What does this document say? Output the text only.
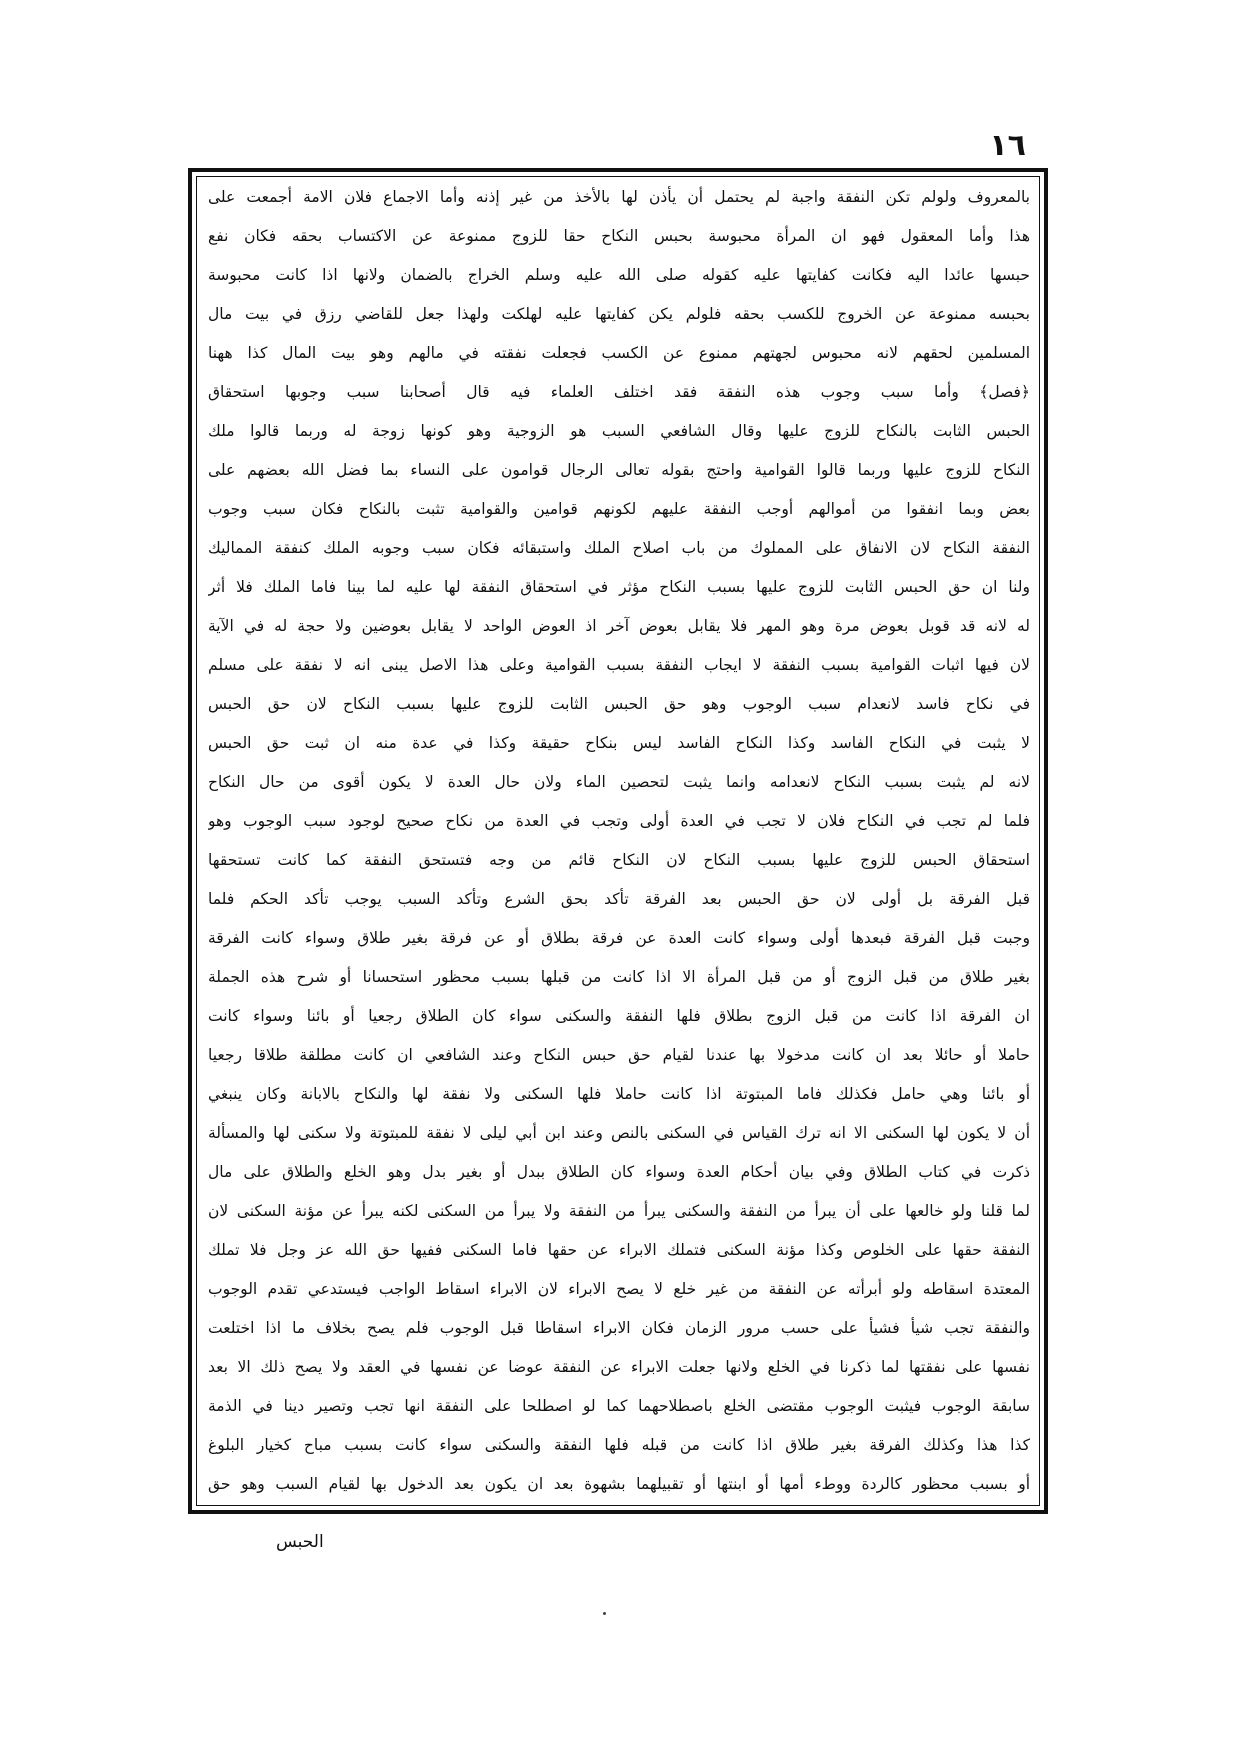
١٦
بالمعروف ولولم تكن النفقة واجبة لم يحتمل أن يأذن لها بالأخذ من غير إذنه وأما الاجماع فلان الامة أجمعت على
هذا وأما المعقول فهو ان المرأة محبوسة بحبس النكاح حقا للزوج ممنوعة عن الاكتساب بحقه فكان نفع
حبسها عائدا اليه فكانت كفايتها عليه كقوله صلى الله عليه وسلم الخراج بالضمان ولانها اذا كانت محبوسة
بحبسه ممنوعة عن الخروج للكسب بحقه فلولم يكن كفايتها عليه لهلكت ولهذا جعل للقاضي رزق في بيت مال
المسلمين لحقهم لانه محبوس لجهتهم ممنوع عن الكسب فجعلت نفقته في مالهم وهو بيت المال كذا ههنا
﴿فصل﴾ وأما سبب وجوب هذه النفقة فقد اختلف العلماء فيه قال أصحابنا سبب وجوبها استحقاق
الحبس الثابت بالنكاح للزوج عليها وقال الشافعي السبب هو الزوجية وهو كونها زوجة له وربما قالوا ملك
النكاح للزوج عليها وربما قالوا القوامية واحتج بقوله تعالى الرجال قوامون على النساء بما فضل الله بعضهم على
بعض وبما انفقوا من أموالهم أوجب النفقة عليهم لكونهم قوامين والقوامية تثبت بالنكاح فكان سبب وجوب
النفقة النكاح لان الانفاق على المملوك من باب اصلاح الملك واستبقائه فكان سبب وجوبه الملك كنفقة المماليك
ولنا ان حق الحبس الثابت للزوج عليها بسبب النكاح مؤثر في استحقاق النفقة لها عليه لما بينا فاما الملك فلا أثر
له لانه قد قوبل بعوض مرة وهو المهر فلا يقابل بعوض آخر اذ العوض الواحد لا يقابل بعوضين ولا حجة له في الآية
لان فيها اثبات القوامية بسبب النفقة لا ايجاب النفقة بسبب القوامية وعلى هذا الاصل يبنى انه لا نفقة على مسلم
في نكاح فاسد لانعدام سبب الوجوب وهو حق الحبس الثابت للزوج عليها بسبب النكاح لان حق الحبس
لا يثبت في النكاح الفاسد وكذا النكاح الفاسد ليس بنكاح حقيقة وكذا في عدة منه ان ثبت حق الحبس
لانه لم يثبت بسبب النكاح لانعدامه وانما يثبت لتحصين الماء ولان حال العدة لا يكون أقوى من حال النكاح
فلما لم تجب في النكاح فلان لا تجب في العدة أولى وتجب في العدة من نكاح صحيح لوجود سبب الوجوب وهو
استحقاق الحبس للزوج عليها بسبب النكاح لان النكاح قائم من وجه فتستحق النفقة كما كانت تستحقها
قبل الفرقة بل أولى لان حق الحبس بعد الفرقة تأكد بحق الشرع وتأكد السبب يوجب تأكد الحكم فلما
وجبت قبل الفرقة فبعدها أولى وسواء كانت العدة عن فرقة بطلاق أو عن فرقة بغير طلاق وسواء كانت الفرقة
بغير طلاق من قبل الزوج أو من قبل المرأة الا اذا كانت من قبلها بسبب محظور استحسانا أو شرح هذه الجملة
ان الفرقة اذا كانت من قبل الزوج بطلاق فلها النفقة والسكنى سواء كان الطلاق رجعيا أو بائنا وسواء كانت
حاملا أو حائلا بعد ان كانت مدخولا بها عندنا لقيام حق حبس النكاح وعند الشافعي ان كانت مطلقة طلاقا رجعيا
أو بائنا وهي حامل فكذلك فاما المبتوتة اذا كانت حاملا فلها السكنى ولا نفقة لها والنكاح بالابانة وكان ينبغي
أن لا يكون لها السكنى الا انه ترك القياس في السكنى بالنص وعند ابن أبي ليلى لا نفقة للمبتوتة ولا سكنى لها والمسألة
ذكرت في كتاب الطلاق وفي بيان أحكام العدة وسواء كان الطلاق ببدل أو بغير بدل وهو الخلع والطلاق على مال
لما قلنا ولو خالعها على أن يبرأ من النفقة والسكنى يبرأ من النفقة ولا يبرأ من السكنى لكنه يبرأ عن مؤنة السكنى لان
النفقة حقها على الخلوص وكذا مؤنة السكنى فتملك الابراء عن حقها فاما السكنى ففيها حق الله عز وجل فلا تملك
المعتدة اسقاطه ولو أبرأته عن النفقة من غير خلع لا يصح الابراء لان الابراء اسقاط الواجب فيستدعي تقدم الوجوب
والنفقة تجب شيأ فشيأ على حسب مرور الزمان فكان الابراء اسقاطا قبل الوجوب فلم يصح بخلاف ما اذا اختلعت
نفسها على نفقتها لما ذكرنا في الخلع ولانها جعلت الابراء عن النفقة عوضا عن نفسها في العقد ولا يصح ذلك الا بعد
سابقة الوجوب فيثبت الوجوب مقتضى الخلع باصطلاحهما كما لو اصطلحا على النفقة انها تجب وتصير دينا في الذمة
كذا هذا وكذلك الفرقة بغير طلاق اذا كانت من قبله فلها النفقة والسكنى سواء كانت بسبب مباح كخيار البلوغ
أو بسبب محظور كالردة ووطء أمها أو ابنتها أو تقبيلهما بشهوة بعد ان يكون بعد الدخول بها لقيام السبب وهو حق
الحبس
